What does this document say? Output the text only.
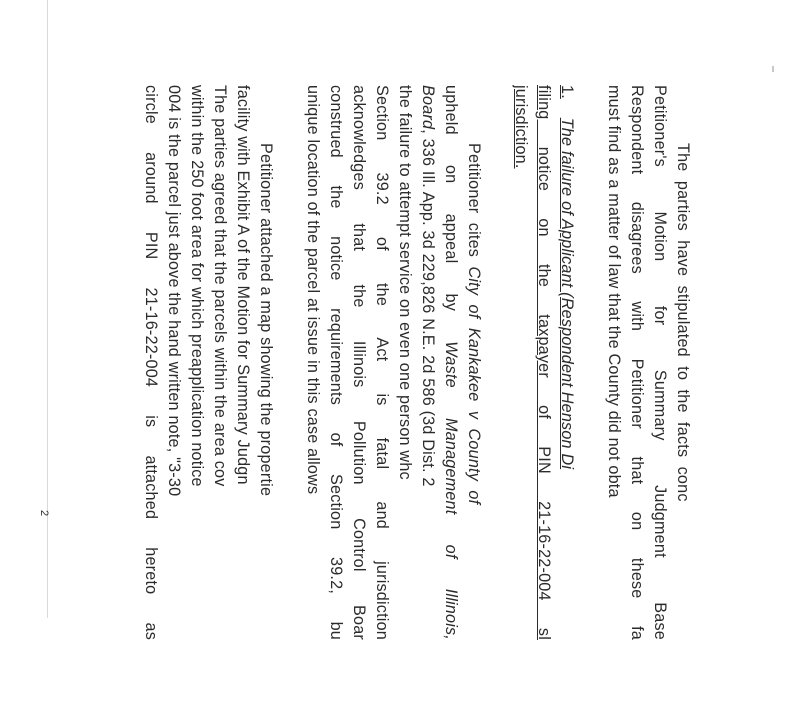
2
The  parties  have  stipulated  to  the  facts  conc
Petitioner's   Motion   for   Summary   Judgment   Base
Respondent disagrees with Petitioner that on these fa
must find as a matter of law that the County did not obta
1.    The failure of Applicant (Respondent Henson Di
filing  notice  on  the  taxpayer  of  PIN  21-16-22-004  sl
jurisdiction.
Petitioner  cites  City  of  Kankakee  v  County  of
upheld  on  appeal  by  Waste  Management  of  Illinois,
Board, 336 Ill. App. 3d 229,826 N.E. 2d 586 (3d Dist. 2
the failure to attempt service on even one person whc
Section   39.2   of   the   Act   is   fatal   and   jurisdiction
acknowledges  that  the  Illinois  Pollution  Control  Boar
construed the notice requirements of Section 39.2, bu
unique location of the parcel at issue in this case allows
Petitioner attached a map showing the propertie
facility with Exhibit A of the Motion for Summary Judgn
The parties agreed that the parcels within the area cov
within the 250 foot area for which preapplication notice
004 is the parcel just above the hand written note, "3-30
circle around PIN 21-16-22-004 is attached hereto as
